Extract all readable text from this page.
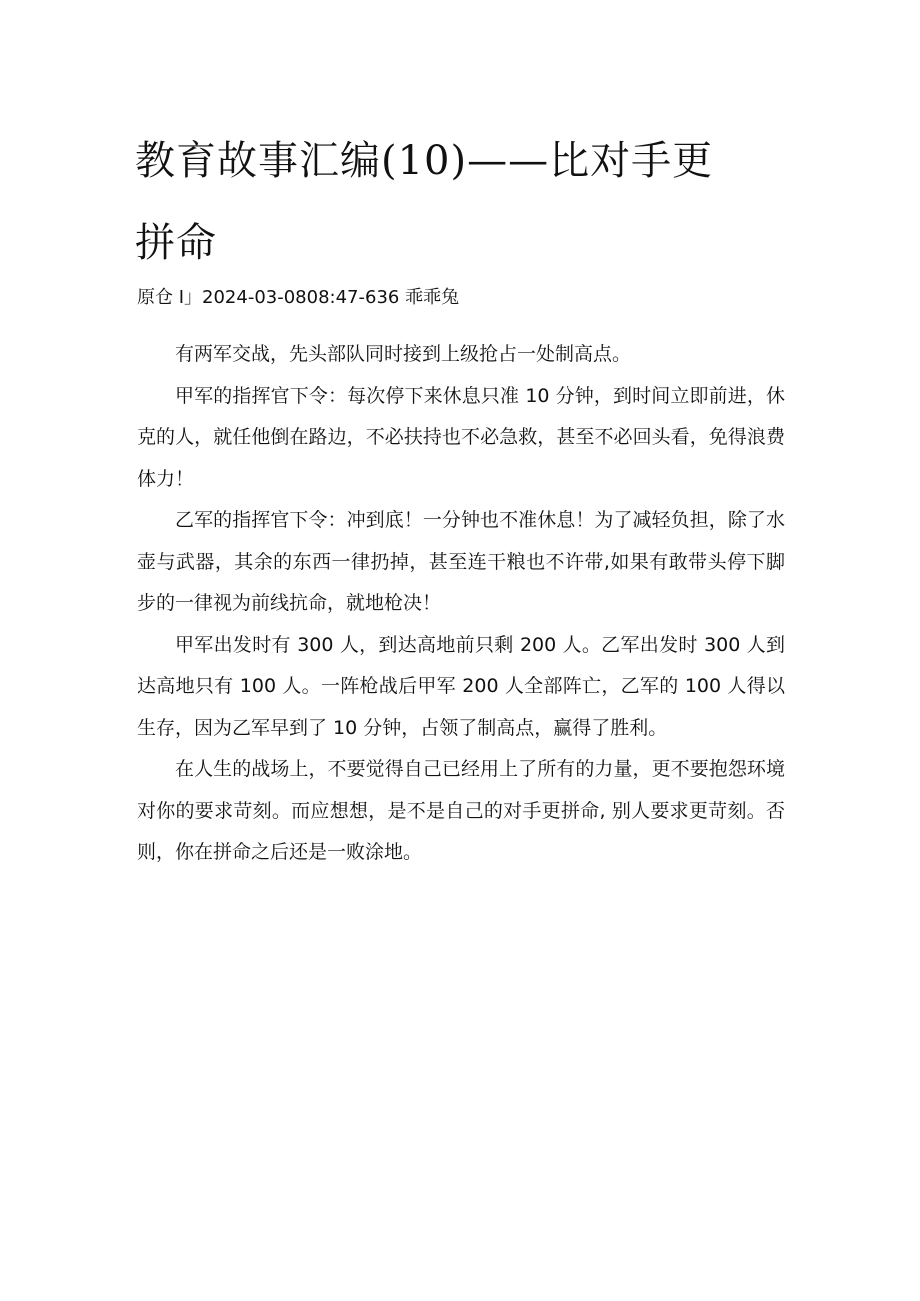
教育故事汇编(10)——比对手更拼命
原仓 I」2024-03-0808:47-636 乖乖兔

有两军交战，先头部队同时接到上级抢占一处制高点。

甲军的指挥官下令：每次停下来休息只准 10 分钟，到时间立即前进，休克的人，就任他倒在路边，不必扶持也不必急救，甚至不必回头看，免得浪费体力！

乙军的指挥官下令：冲到底！一分钟也不准休息！为了减轻负担，除了水壶与武器，其余的东西一律扔掉，甚至连干粮也不许带,如果有敢带头停下脚步的一律视为前线抗命，就地枪决！

甲军出发时有 300 人，到达高地前只剩 200 人。乙军出发时 300 人到达高地只有 100 人。一阵枪战后甲军 200 人全部阵亡，乙军的 100 人得以生存，因为乙军早到了 10 分钟，占领了制高点，赢得了胜利。

在人生的战场上，不要觉得自己已经用上了所有的力量，更不要抱怨环境对你的要求苛刻。而应想想，是不是自己的对手更拼命, 别人要求更苛刻。否则，你在拼命之后还是一败涂地。
